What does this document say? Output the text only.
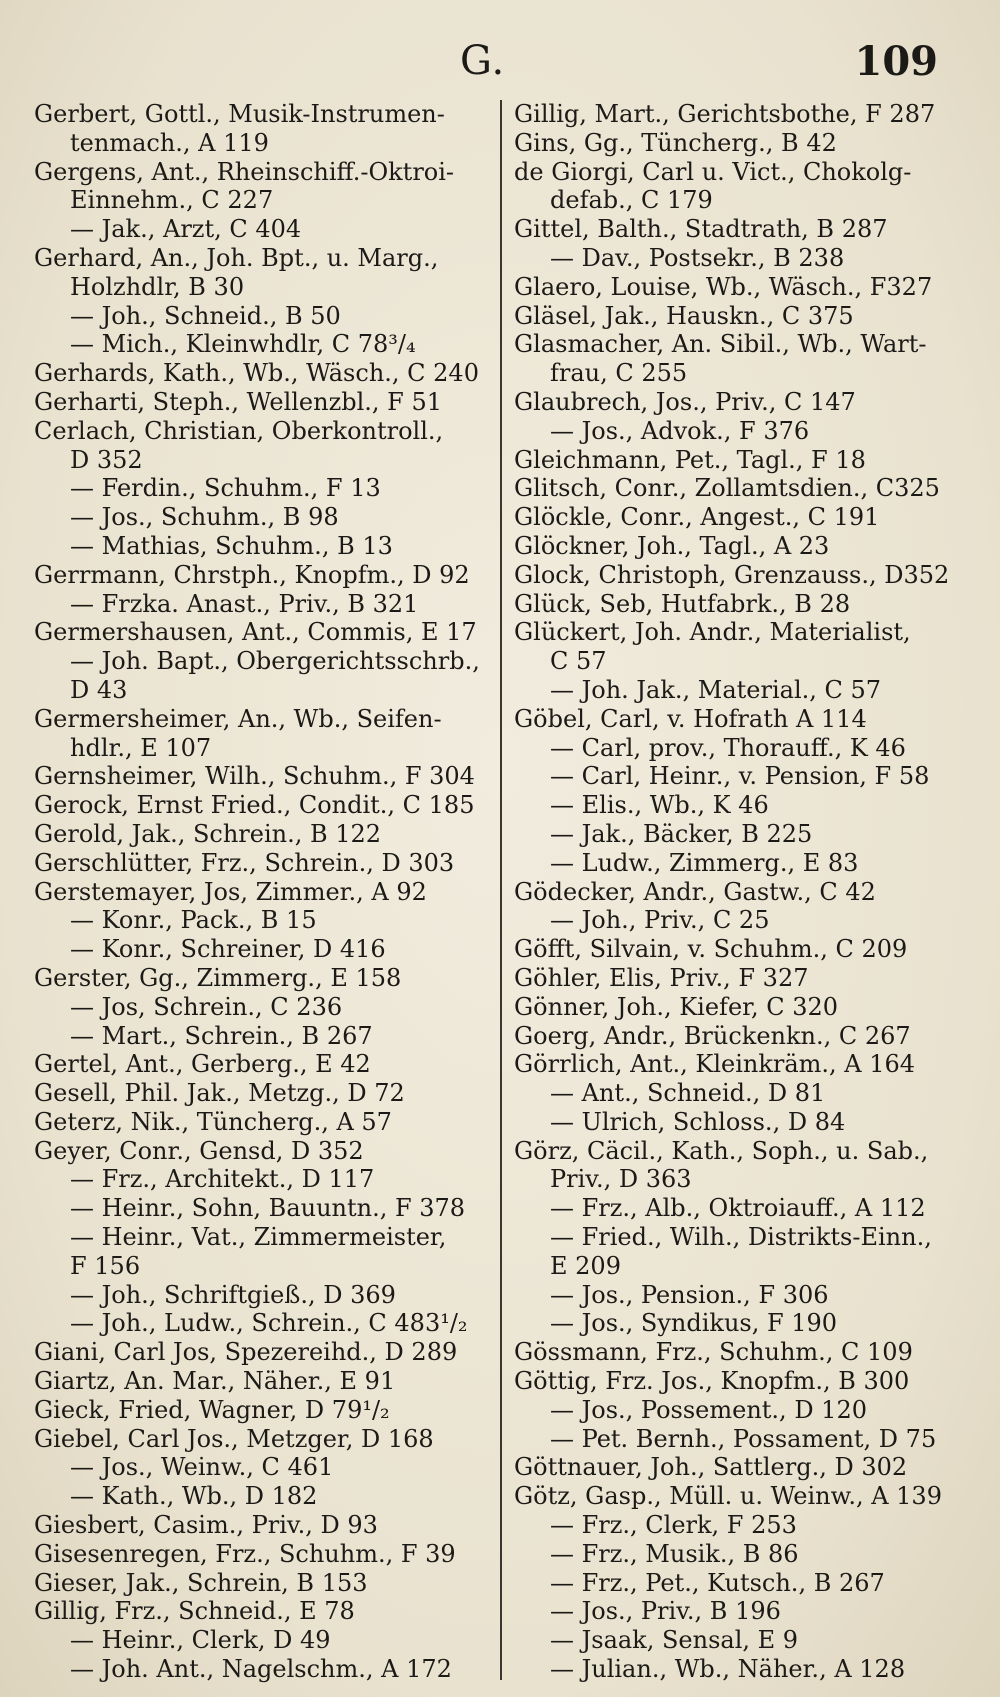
G.	109
Gerbert, Gottl., Musik-Instrumen-
tenmach., A 119
Gergens, Ant., Rheinschiff.-Oktroi-
Einnehm., C 227
— Jak., Arzt, C 404
Gerhard, An., Joh. Bpt., u. Marg.,
Holzhdlr, B 30
— Joh., Schneid., B 50
— Mich., Kleinwhdlr, C 78³/₄
Gerhards, Kath., Wb., Wäsch., C 240
Gerharti, Steph., Wellenzbl., F 51
Cerlach, Christian, Oberkontroll.,
D 352
— Ferdin., Schuhm., F 13
— Jos., Schuhm., B 98
— Mathias, Schuhm., B 13
Gerrmann, Chrstph., Knopfm., D 92
— Frzka. Anast., Priv., B 321
Germershausen, Ant., Commis, E 17
— Joh. Bapt., Obergerichtsschrb.,
D 43
Germersheimer, An., Wb., Seifen-
hdlr., E 107
Gernsheimer, Wilh., Schuhm., F 304
Gerock, Ernst Fried., Condit., C 185
Gerold, Jak., Schrein., B 122
Gerschlütter, Frz., Schrein., D 303
Gerstemayer, Jos, Zimmer., A 92
— Konr., Pack., B 15
— Konr., Schreiner, D 416
Gerster, Gg., Zimmerg., E 158
— Jos, Schrein., C 236
— Mart., Schrein., B 267
Gertel, Ant., Gerberg., E 42
Gesell, Phil. Jak., Metzg., D 72
Geterz, Nik., Tüncherg., A 57
Geyer, Conr., Gensd, D 352
— Frz., Architekt., D 117
— Heinr., Sohn, Bauuntn., F 378
— Heinr., Vat., Zimmermeister,
F 156
— Joh., Schriftgieß., D 369
— Joh., Ludw., Schrein., C 483¹/₂
Giani, Carl Jos, Spezereihd., D 289
Giartz, An. Mar., Näher., E 91
Gieck, Fried, Wagner, D 79¹/₂
Giebel, Carl Jos., Metzger, D 168
— Jos., Weinw., C 461
— Kath., Wb., D 182
Giesbert, Casim., Priv., D 93
Gisesenregen, Frz., Schuhm., F 39
Gieser, Jak., Schrein, B 153
Gillig, Frz., Schneid., E 78
— Heinr., Clerk, D 49
— Joh. Ant., Nagelschm., A 172
Gillig, Mart., Gerichtsbothe, F 287
Gins, Gg., Tüncherg., B 42
de Giorgi, Carl u. Vict., Chokolg-
defab., C 179
Gittel, Balth., Stadtrath, B 287
— Dav., Postsekr., B 238
Glaero, Louise, Wb., Wäsch., F327
Gläsel, Jak., Hauskn., C 375
Glasmacher, An. Sibil., Wb., Wart-
frau, C 255
Glaubrech, Jos., Priv., C 147
— Jos., Advok., F 376
Gleichmann, Pet., Tagl., F 18
Glitsch, Conr., Zollamtsdien., C325
Glöckle, Conr., Angest., C 191
Glöckner, Joh., Tagl., A 23
Glock, Christoph, Grenzauss., D352
Glück, Seb, Hutfabrk., B 28
Glückert, Joh. Andr., Materialist,
C 57
— Joh. Jak., Material., C 57
Göbel, Carl, v. Hofrath A 114
— Carl, prov., Thorauff., K 46
— Carl, Heinr., v. Pension, F 58
— Elis., Wb., K 46
— Jak., Bäcker, B 225
— Ludw., Zimmerg., E 83
Gödecker, Andr., Gastw., C 42
— Joh., Priv., C 25
Göfft, Silvain, v. Schuhm., C 209
Göhler, Elis, Priv., F 327
Gönner, Joh., Kiefer, C 320
Goerg, Andr., Brückenkn., C 267
Görrlich, Ant., Kleinkräm., A 164
— Ant., Schneid., D 81
— Ulrich, Schloss., D 84
Görz, Cäcil., Kath., Soph., u. Sab.,
Priv., D 363
— Frz., Alb., Oktroiauff., A 112
— Fried., Wilh., Distrikts-Einn.,
E 209
— Jos., Pension., F 306
— Jos., Syndikus, F 190
Gössmann, Frz., Schuhm., C 109
Göttig, Frz. Jos., Knopfm., B 300
— Jos., Possement., D 120
— Pet. Bernh., Possament, D 75
Göttnauer, Joh., Sattlerg., D 302
Götz, Gasp., Müll. u. Weinw., A 139
— Frz., Clerk, F 253
— Frz., Musik., B 86
— Frz., Pet., Kutsch., B 267
— Jos., Priv., B 196
— Jsaak, Sensal, E 9
— Julian., Wb., Näher., A 128
